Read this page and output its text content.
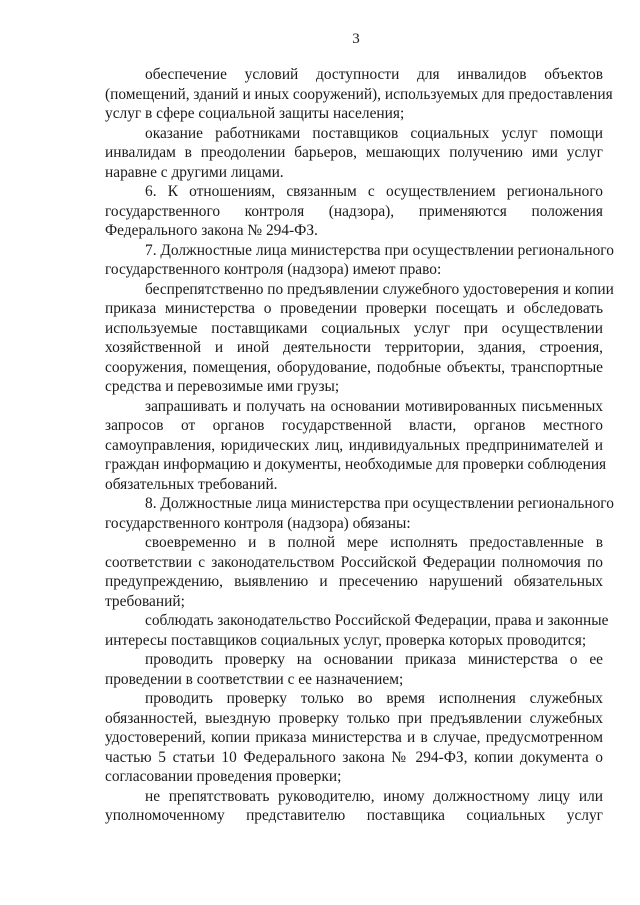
3
обеспечение условий доступности для инвалидов объектов
(помещений, зданий и иных сооружений), используемых для предоставления
услуг в сфере социальной защиты населения;
оказание работниками поставщиков социальных услуг помощи
инвалидам в преодолении барьеров, мешающих получению ими услуг
наравне с другими лицами.
6. К отношениям, связанным с осуществлением регионального
государственного контроля (надзора), применяются положения
Федерального закона № 294-ФЗ.
7. Должностные лица министерства при осуществлении регионального
государственного контроля (надзора) имеют право:
беспрепятственно по предъявлении служебного удостоверения и копии
приказа министерства о проведении проверки посещать и обследовать
используемые поставщиками социальных услуг при осуществлении
хозяйственной и иной деятельности территории, здания, строения,
сооружения, помещения, оборудование, подобные объекты, транспортные
средства и перевозимые ими грузы;
запрашивать и получать на основании мотивированных письменных
запросов от органов государственной власти, органов местного
самоуправления, юридических лиц, индивидуальных предпринимателей и
граждан информацию и документы, необходимые для проверки соблюдения
обязательных требований.
8. Должностные лица министерства при осуществлении регионального
государственного контроля (надзора) обязаны:
своевременно и в полной мере исполнять предоставленные в
соответствии с законодательством Российской Федерации полномочия по
предупреждению, выявлению и пресечению нарушений обязательных
требований;
соблюдать законодательство Российской Федерации, права и законные
интересы поставщиков социальных услуг, проверка которых проводится;
проводить проверку на основании приказа министерства о ее
проведении в соответствии с ее назначением;
проводить проверку только во время исполнения служебных
обязанностей, выездную проверку только при предъявлении служебных
удостоверений, копии приказа министерства и в случае, предусмотренном
частью 5 статьи 10 Федерального закона № 294-ФЗ, копии документа о
согласовании проведения проверки;
не препятствовать руководителю, иному должностному лицу или
уполномоченному представителю поставщика социальных услуг
